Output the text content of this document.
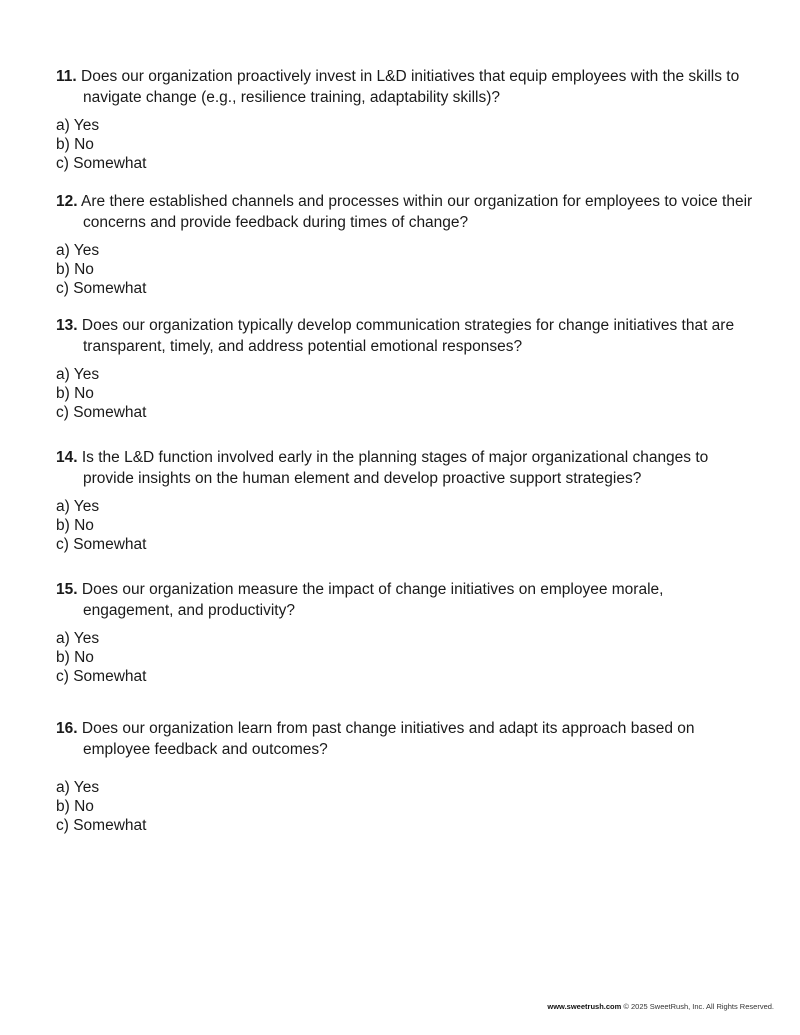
11. Does our organization proactively invest in L&D initiatives that equip employees with the skills to navigate change (e.g., resilience training, adaptability skills)?

a) Yes
b) No
c) Somewhat

12. Are there established channels and processes within our organization for employees to voice their concerns and provide feedback during times of change?

a) Yes
b) No
c) Somewhat

13. Does our organization typically develop communication strategies for change initiatives that are transparent, timely, and address potential emotional responses?

a) Yes
b) No
c) Somewhat

14. Is the L&D function involved early in the planning stages of major organizational changes to provide insights on the human element and develop proactive support strategies?

a) Yes
b) No
c) Somewhat

15. Does our organization measure the impact of change initiatives on employee morale, engagement, and productivity?

a) Yes
b) No
c) Somewhat

16. Does our organization learn from past change initiatives and adapt its approach based on employee feedback and outcomes?

a) Yes
b) No
c) Somewhat
www.sweetrush.com © 2025 SweetRush, Inc. All Rights Reserved.
